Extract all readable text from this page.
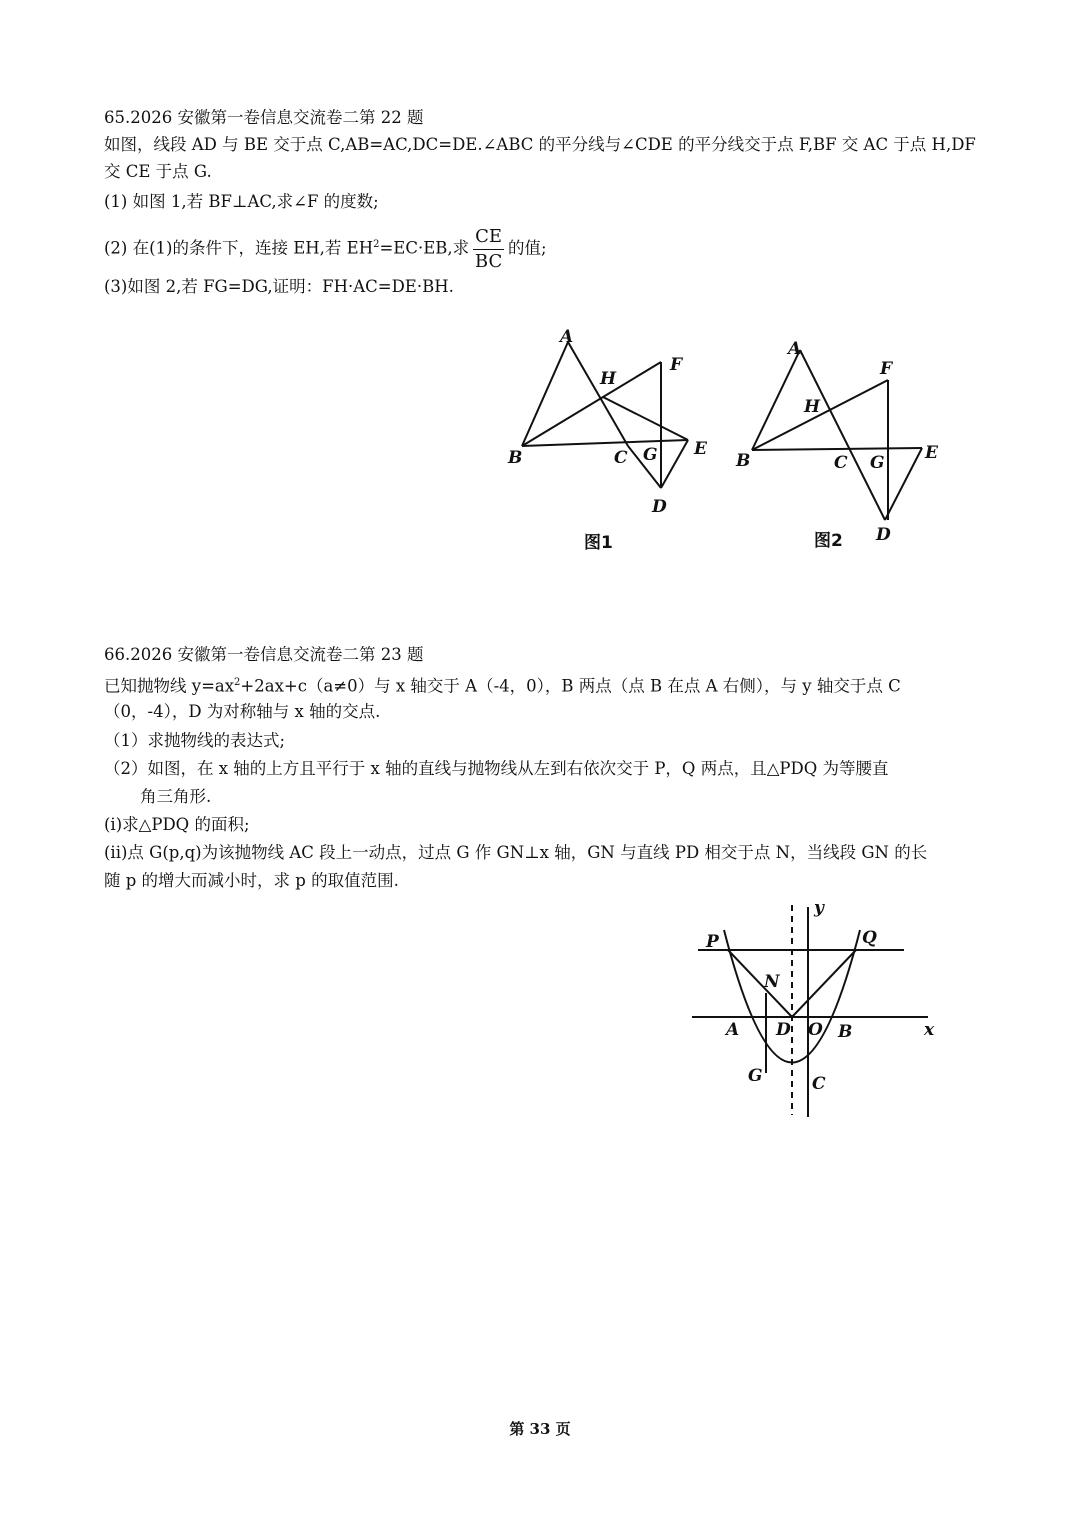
65.2026 安徽第一卷信息交流卷二第 22 题
如图，线段 AD 与 BE 交于点 C,AB=AC,DC=DE.∠ABC 的平分线与∠CDE 的平分线交于点 F,BF 交 AC 于点 H,DF
交 CE 于点 G.
(1) 如图 1,若 BF⊥AC,求∠F 的度数;
(2) 在(1)的条件下，连接 EH,若 $EH^2=EC\cdot EB$,求 $\frac{CE}{BC}$ 的值;
(3)如图 2,若 FG=DG,证明：FH·AC=DE·BH.
A
H
F
B	C G E
D
图1
A
H
F
B	C G E
D
图2
66.2026 安徽第一卷信息交流卷二第 23 题
已知抛物线 $y=ax^2+2ax+c(a\ne 0)$与 x 轴交于 A（-4，0），B 两点（点 B 在点 A 右侧），与 y 轴交于点 C
（0，-4），D 为对称轴与 x 轴的交点.
（1）求抛物线的表达式;
（2）如图，在 x 轴的上方且平行于 x 轴的直线与抛物线从左到右依次交于 P，Q 两点，且△PDQ 为等腰直
角三角形.
(i)求△PDQ 的面积;
(ii)点 G(p,q)为该抛物线 AC 段上一动点，过点 G 作 GN⊥x 轴，GN 与直线 PD 相交于点 N，当线段 GN 的长
随 p 的增大而减小时，求 p 的取值范围.
y
x
P	Q
N
A D O B
G	C
第 33 页
